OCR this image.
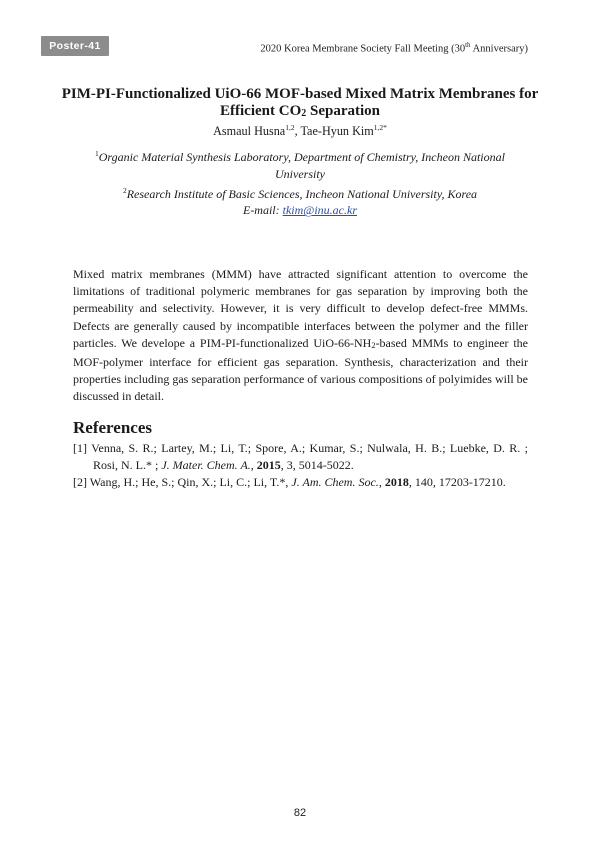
Poster-41	2020 Korea Membrane Society Fall Meeting (30th Anniversary)
PIM-PI-Functionalized UiO-66 MOF-based Mixed Matrix Membranes for
Efficient CO2 Separation
Asmaul Husna$^{1,2}$, Tae-Hyun Kim$^{1,2*}$
$^1$Organic Material Synthesis Laboratory, Department of Chemistry, Incheon National
University
$^2$Research Institute of Basic Sciences, Incheon National University, Korea
E-mail: tkim@inu.ac.kr

Mixed matrix membranes (MMM) have attracted significant attention to overcome the limitations of traditional polymeric membranes for gas separation by improving both the permeability and selectivity. However, it is very difficult to develop defect-free MMMs. Defects are generally caused by incompatible interfaces between the polymer and the filler particles. We develope a PIM-PI-functionalized UiO-66-NH2-based MMMs to engineer the MOF-polymer interface for efficient gas separation. Synthesis, characterization and their properties including gas separation performance of various compositions of polyimides will be discussed in detail.

References

[1] Venna, S. R.; Lartey, M.; Li, T.; Spore, A.; Kumar, S.; Nulwala, H. B.; Luebke, D. R. ; Rosi, N. L.* ; J. Mater. Chem. A., 2015, 3, 5014-5022.

[2] Wang, H.; He, S.; Qin, X.; Li, C.; Li, T.*, J. Am. Chem. Soc., 2018, 140, 17203-17210.

82
